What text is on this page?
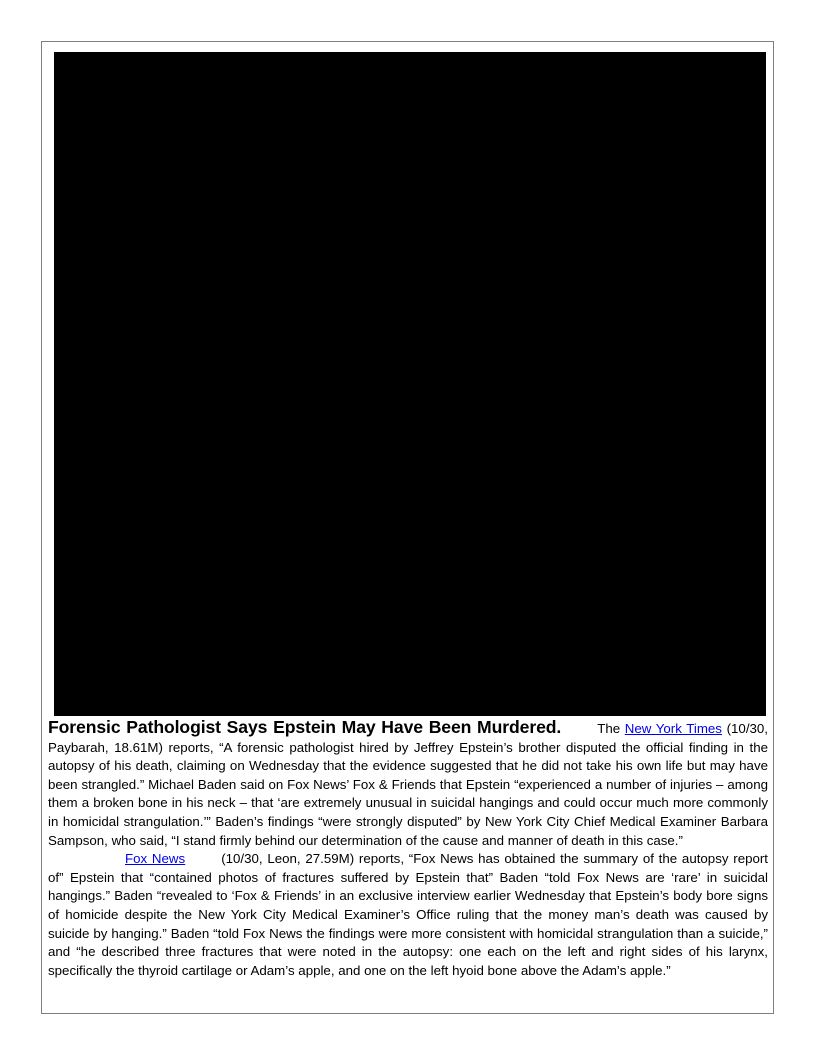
Forensic Pathologist Says Epstein May Have Been Murdered.	The New York Times (10/30, Paybarah, 18.61M) reports, “A forensic pathologist hired by Jeffrey Epstein’s brother disputed the official finding in the autopsy of his death, claiming on Wednesday that the evidence suggested that he did not take his own life but may have been strangled.” Michael Baden said on Fox News’ Fox & Friends that Epstein “experienced a number of injuries – among them a broken bone in his neck – that ‘are extremely unusual in suicidal hangings and could occur much more commonly in homicidal strangulation.’” Baden’s findings “were strongly disputed” by New York City Chief Medical Examiner Barbara Sampson, who said, “I stand firmly behind our determination of the cause and manner of death in this case.”

Fox News	(10/30, Leon, 27.59M) reports, “Fox News has obtained the summary of the autopsy report of” Epstein that “contained photos of fractures suffered by Epstein that” Baden “told Fox News are ‘rare’ in suicidal hangings.” Baden “revealed to ‘Fox & Friends’ in an exclusive interview earlier Wednesday that Epstein’s body bore signs of homicide despite the New York City Medical Examiner’s Office ruling that the money man’s death was caused by suicide by hanging.” Baden “told Fox News the findings were more consistent with homicidal strangulation than a suicide,” and “he described three fractures that were noted in the autopsy: one each on the left and right sides of his larynx, specifically the thyroid cartilage or Adam’s apple, and one on the left hyoid bone above the Adam’s apple.”
